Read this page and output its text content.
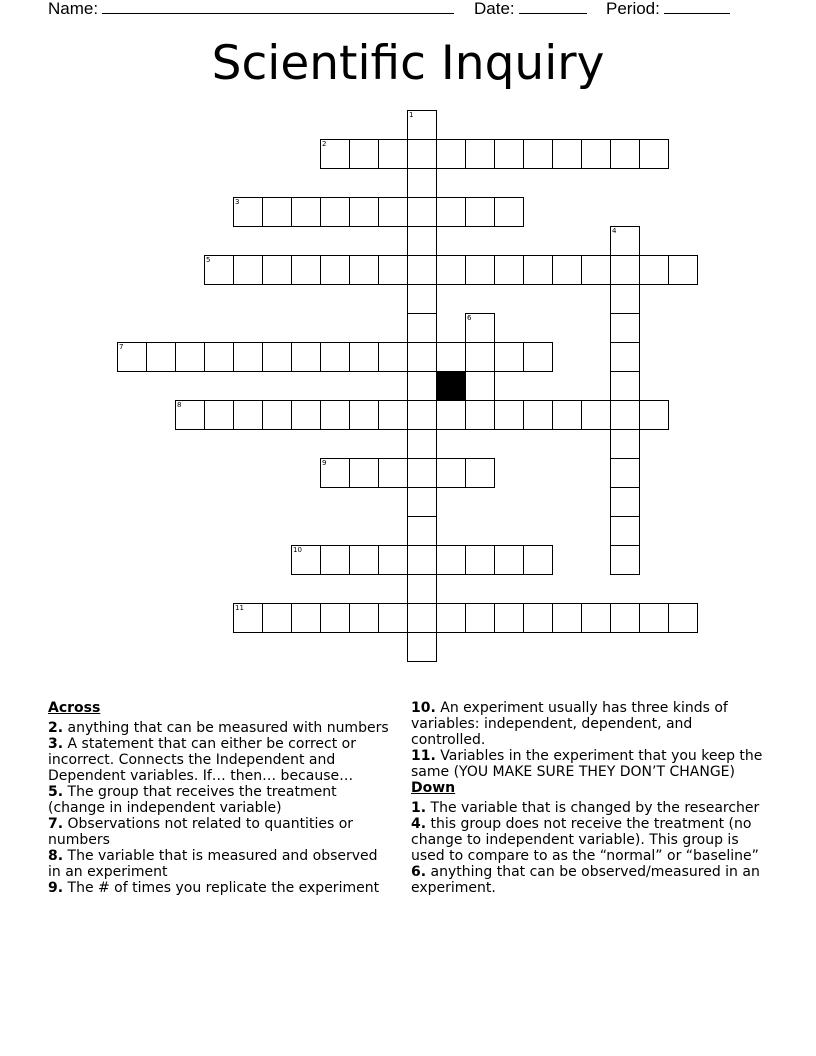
Name:	Date:	Period:
Scientific Inquiry
1
2
3
4
5
6
7
8
9
10
11
Across
2. anything that can be measured with numbers
3. A statement that can either be correct or incorrect. Connects the Independent and Dependent variables. If… then… because…
5. The group that receives the treatment (change in independent variable)
7. Observations not related to quantities or numbers
8. The variable that is measured and observed in an experiment
9. The # of times you replicate the experiment
10. An experiment usually has three kinds of variables: independent, dependent, and controlled.
11. Variables in the experiment that you keep the same (YOU MAKE SURE THEY DON’T CHANGE)
Down
1. The variable that is changed by the researcher
4. this group does not receive the treatment (no change to independent variable). This group is used to compare to as the “normal” or “baseline”
6. anything that can be observed/measured in an experiment.
